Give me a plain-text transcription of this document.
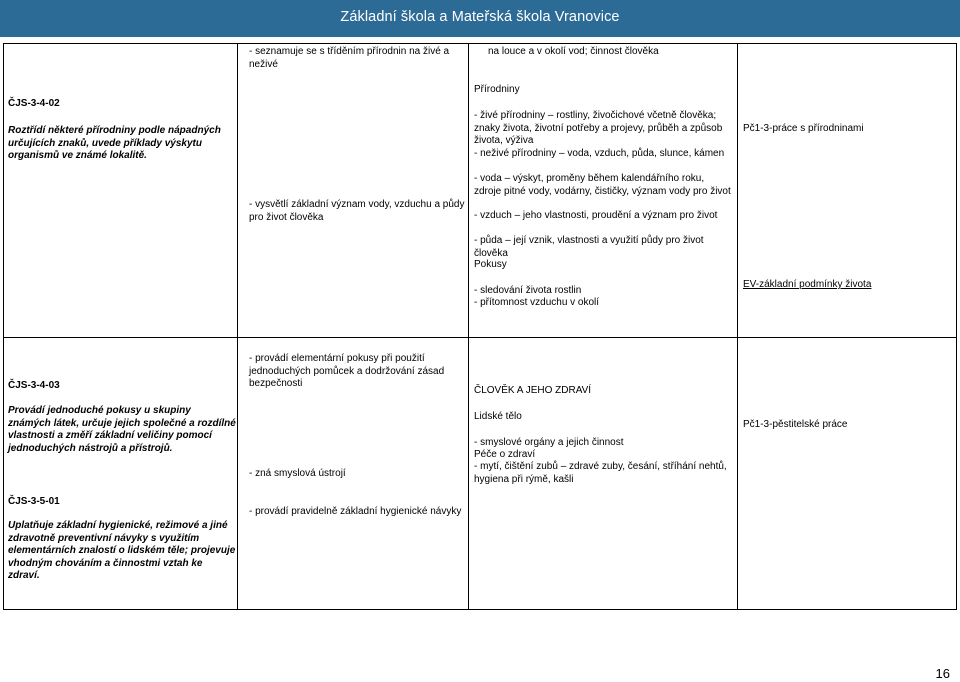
Základní škola a Mateřská škola Vranovice
- seznamuje se s tříděním přírodnin na živé a neživé
na louce a v okolí vod; činnost člověka
ČJS-3-4-02
Roztřídí některé přírodniny podle nápadných určujících znaků, uvede příklady výskytu organismů ve známé lokalitě.
- vysvětlí základní význam vody, vzduchu a půdy pro život člověka
Přírodniny
- živé přírodniny – rostliny, živočichové včetně člověka; znaky života, životní potřeby a projevy, průběh a způsob života, výživa
- neživé přírodniny – voda, vzduch, půda, slunce, kámen
- voda – výskyt, proměny během kalendářního roku, zdroje pitné vody, vodárny, čističky, význam vody pro život
- vzduch – jeho vlastnosti, proudění a význam pro život
- půda – její vznik, vlastnosti a využití půdy pro život člověka
Pokusy
- sledování života rostlin
- přítomnost vzduchu v okolí
Pč1-3-práce s přírodninami
EV-základní podmínky života
ČJS-3-4-03
Provádí jednoduché pokusy u skupiny známých látek, určuje jejich společné a rozdílné vlastnosti a změří základní veličiny pomocí jednoduchých nástrojů a přístrojů.
- provádí elementární pokusy při použití jednoduchých pomůcek a dodržování zásad bezpečnosti
- zná smyslová ústrojí
ČLOVĚK A JEHO ZDRAVÍ
Lidské tělo
- smyslové orgány a jejich činnost
Péče o zdraví
- mytí, čištění zubů – zdravé zuby, česání, stříhání nehtů, hygiena při rýmě, kašli
Pč1-3-pěstitelské práce
ČJS-3-5-01
Uplatňuje základní hygienické, režimové a jiné zdravotně preventivní návyky s využitím elementárních znalostí o lidském těle; projevuje vhodným chováním a činnostmi vztah ke zdraví.
- provádí pravidelně základní hygienické návyky
16
